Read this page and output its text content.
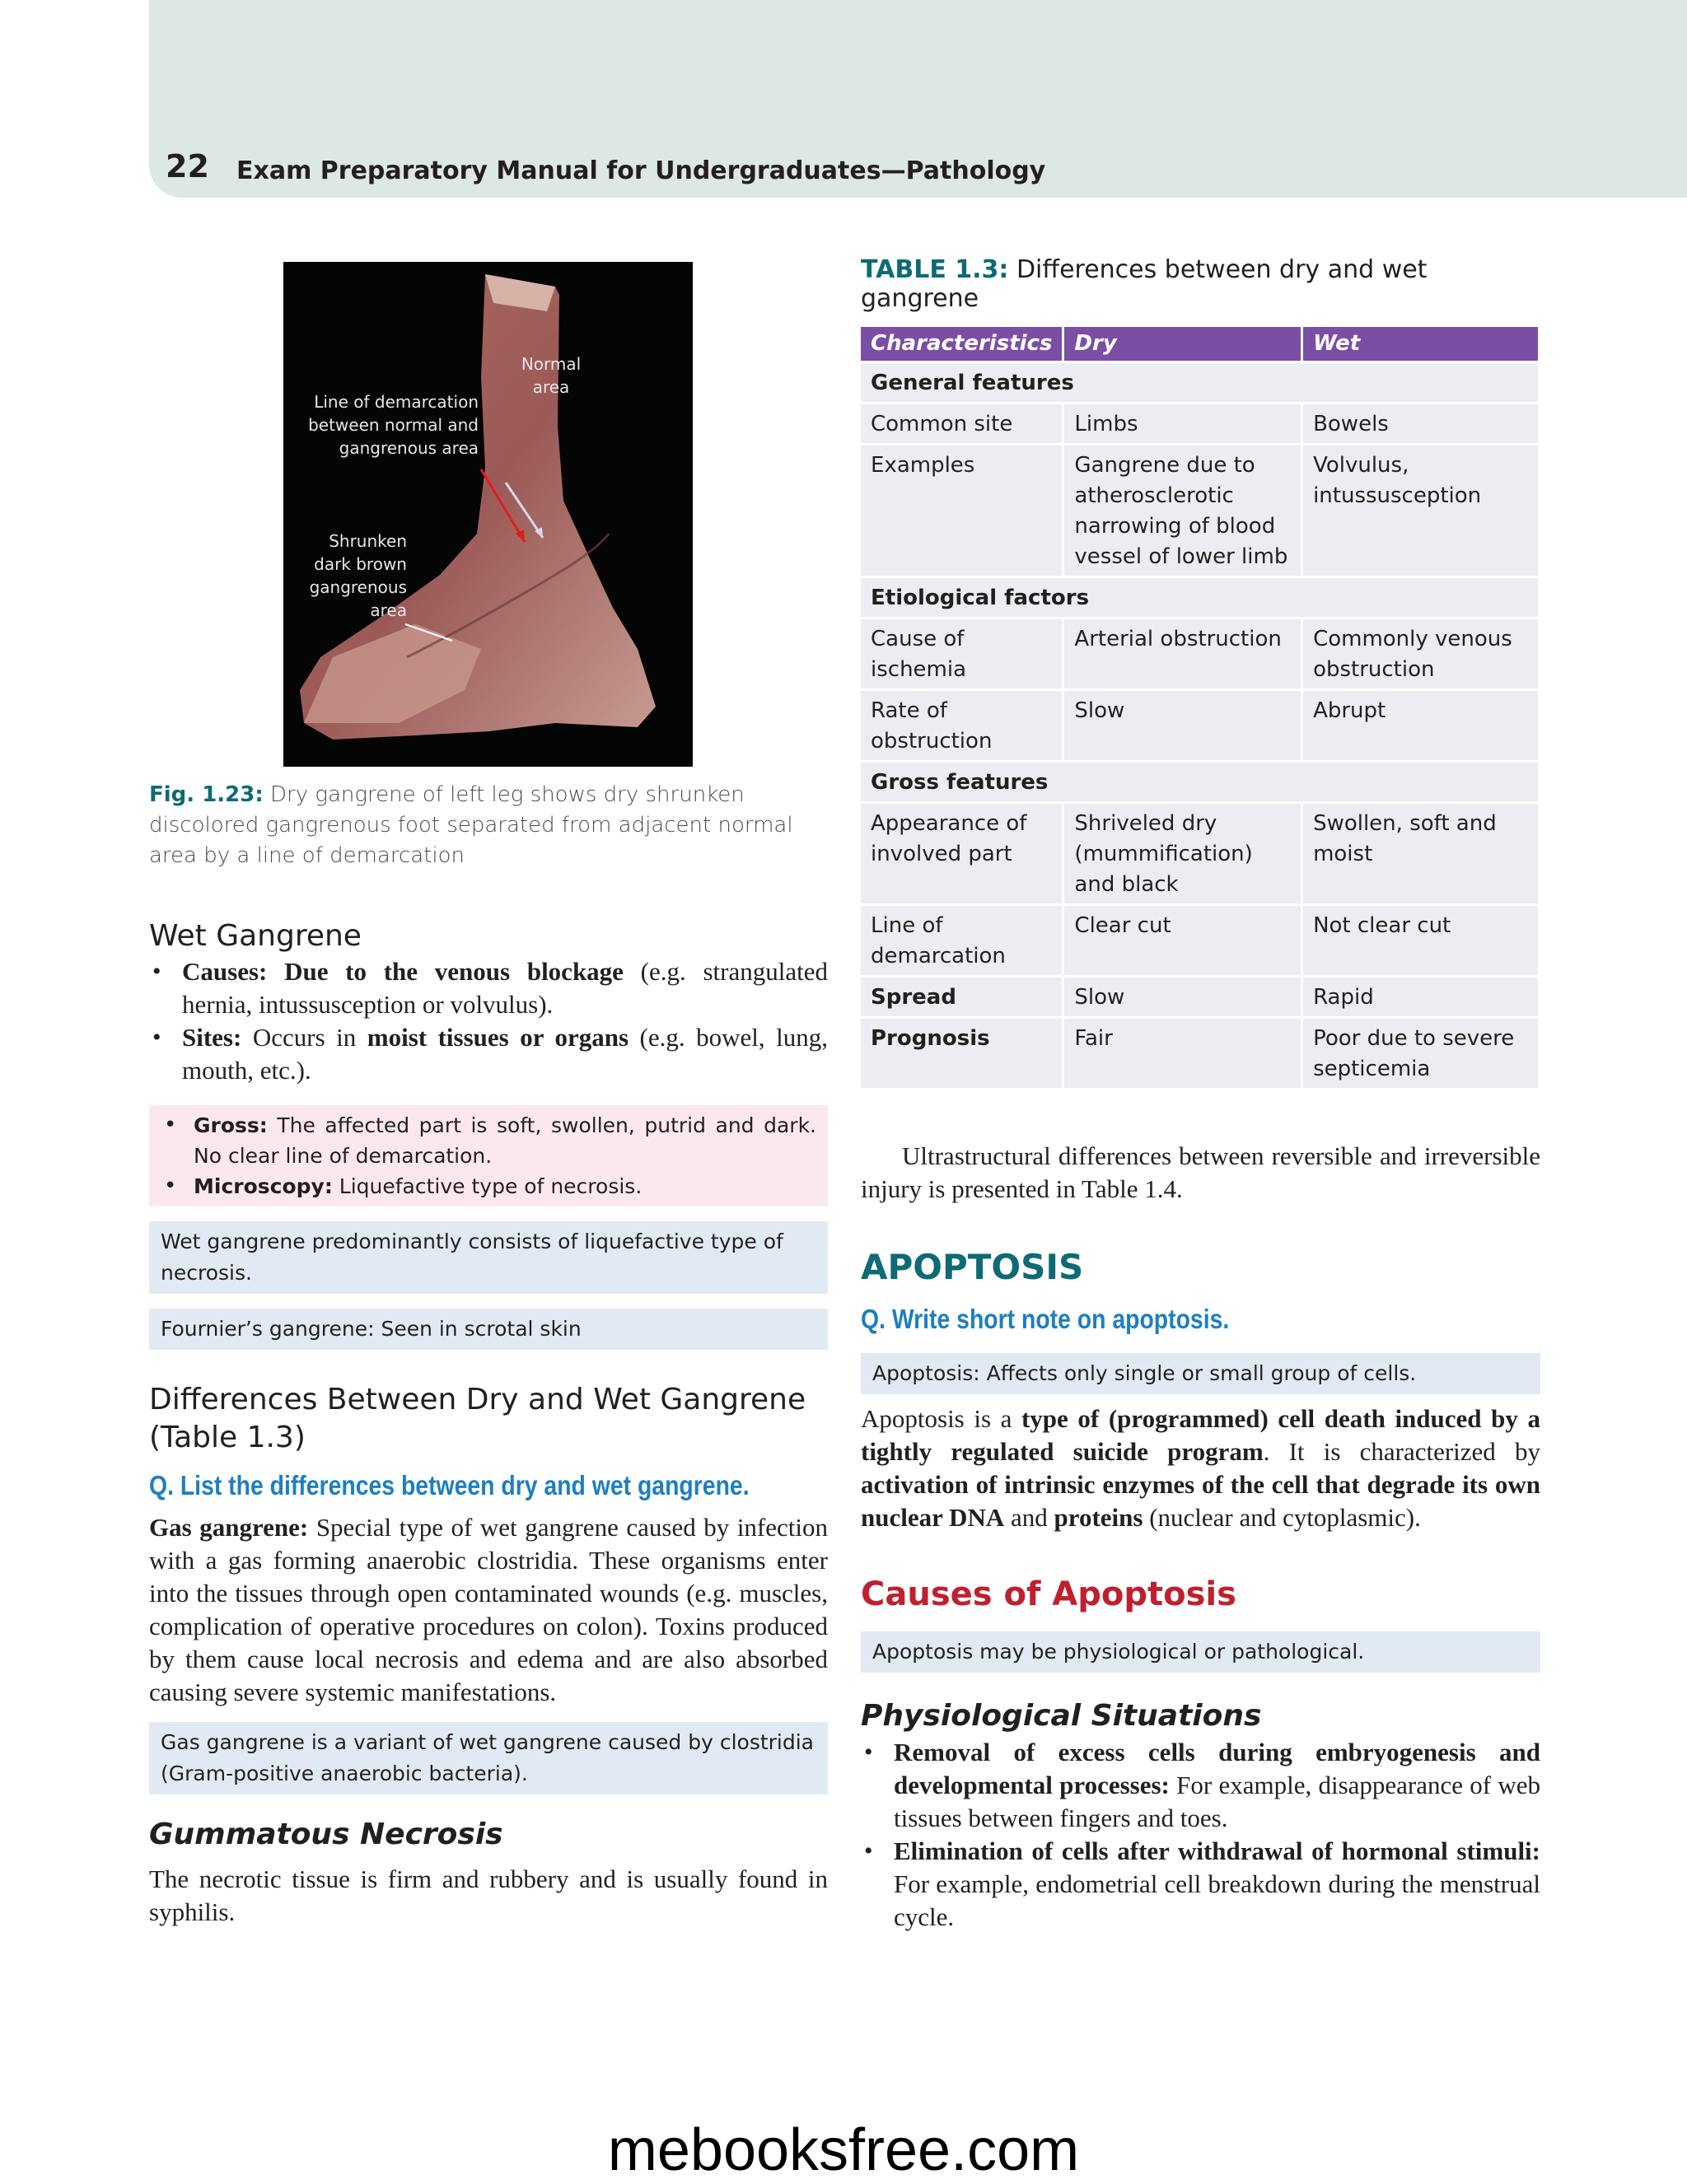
22 Exam Preparatory Manual for Undergraduates—Pathology
Normal area
Line of demarcation between normal and gangrenous area
Shrunken dark brown gangrenous area

Fig. 1.23: Dry gangrene of left leg shows dry shrunken discolored gangrenous foot separated from adjacent normal area by a line of demarcation

Wet Gangrene
• Causes: Due to the venous blockage (e.g. strangulated hernia, intussusception or volvulus).
• Sites: Occurs in moist tissues or organs (e.g. bowel, lung, mouth, etc.).
• Gross: The affected part is soft, swollen, putrid and dark. No clear line of demarcation.
• Microscopy: Liquefactive type of necrosis.
Wet gangrene predominantly consists of liquefactive type of necrosis.
Fournier’s gangrene: Seen in scrotal skin
Differences Between Dry and Wet Gangrene (Table 1.3)

Q. List the differences between dry and wet gangrene.

Gas gangrene: Special type of wet gangrene caused by infection with a gas forming anaerobic clostridia. These organisms enter into the tissues through open contaminated wounds (e.g. muscles, complication of operative procedures on colon). Toxins produced by them cause local necrosis and edema and are also absorbed causing severe systemic manifestations.

Gas gangrene is a variant of wet gangrene caused by clostridia (Gram-positive anaerobic bacteria).
Gummatous Necrosis

The necrotic tissue is firm and rubbery and is usually found in syphilis.

TABLE 1.3: Differences between dry and wet gangrene

Characteristics	Dry	Wet
General features		
Common site	Limbs	Bowels
Examples	Gangrene due to atherosclerotic narrowing of blood vessel of lower limb	Volvulus, intussusception
Etiological factors		
Cause of ischemia	Arterial obstruction	Commonly venous obstruction
Rate of obstruction	Slow	Abrupt
Gross features		
Appearance of involved part	Shriveled dry (mummification) and black	Swollen, soft and moist
Line of demarcation	Clear cut	Not clear cut
Spread	Slow	Rapid
Prognosis	Fair	Poor due to severe septicemia

Ultrastructural differences between reversible and irreversible injury is presented in Table 1.4.

APOPTOSIS

Q. Write short note on apoptosis.

Apoptosis: Affects only single or small group of cells.

Apoptosis is a type of (programmed) cell death induced by a tightly regulated suicide program. It is characterized by activation of intrinsic enzymes of the cell that degrade its own nuclear DNA and proteins (nuclear and cytoplasmic).

Causes of Apoptosis
Apoptosis may be physiological or pathological.
Physiological Situations
• Removal of excess cells during embryogenesis and developmental processes: For example, disappearance of web tissues between fingers and toes.
• Elimination of cells after withdrawal of hormonal stimuli: For example, endometrial cell breakdown during the menstrual cycle.
mebooksfree.com
